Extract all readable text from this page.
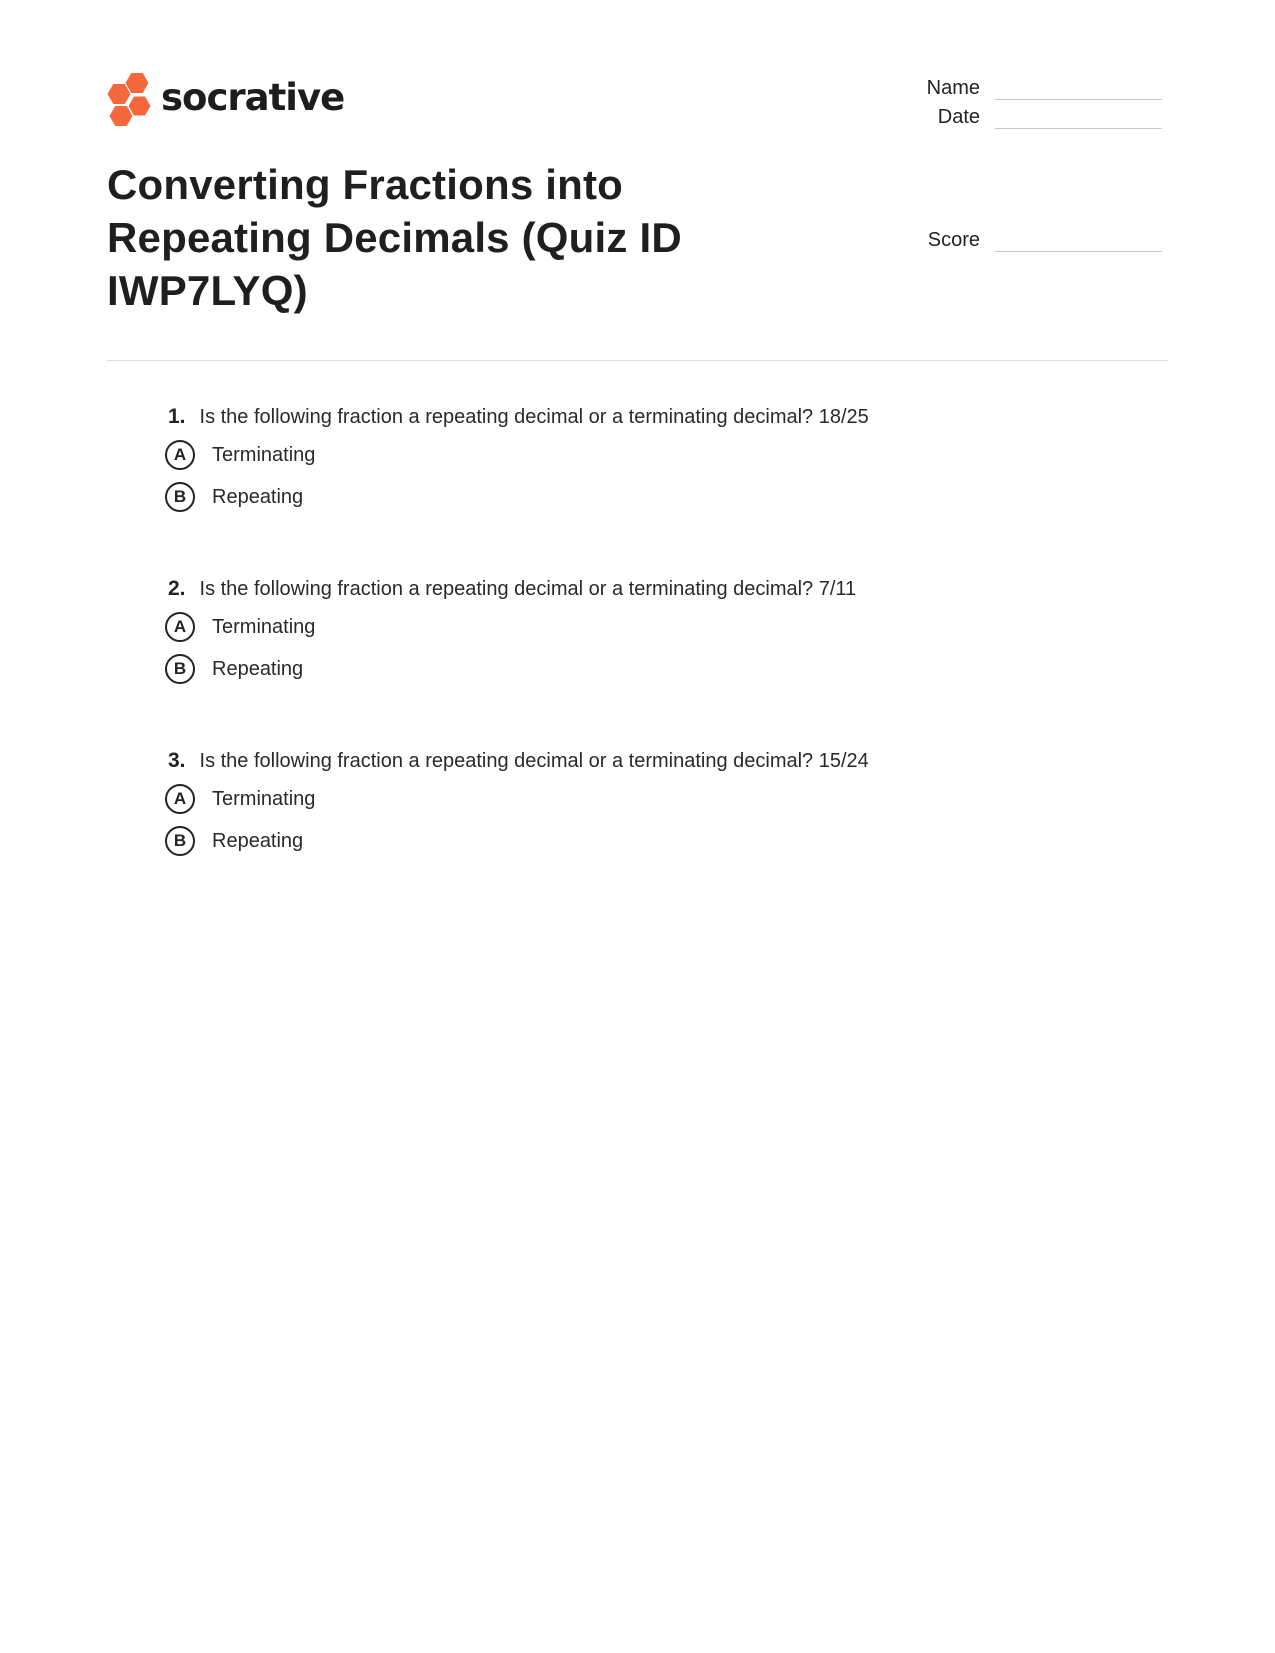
socrative	Name
Date
Score
Converting Fractions into Repeating Decimals (Quiz ID IWP7LYQ)
1. Is the following fraction a repeating decimal or a terminating decimal? 18/25
A Terminating
B Repeating
2. Is the following fraction a repeating decimal or a terminating decimal? 7/11
A Terminating
B Repeating
3. Is the following fraction a repeating decimal or a terminating decimal? 15/24
A Terminating
B Repeating
